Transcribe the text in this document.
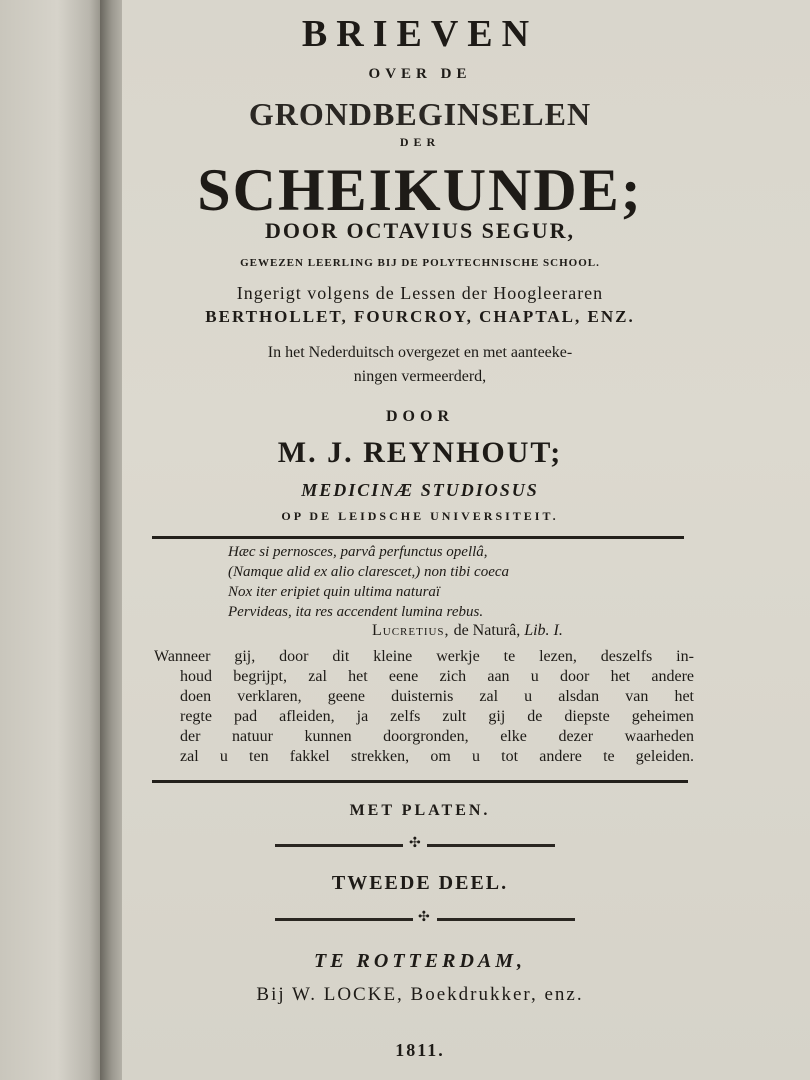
BRIEVEN
OVER DE
GRONDBEGINSELEN
DER
SCHEIKUNDE;
DOOR OCTAVIUS SEGUR,
GEWEZEN LEERLING BIJ DE POLYTECHNISCHE SCHOOL.
Ingerigt volgens de Lessen der Hoogleeraren
BERTHOLLET, FOURCROY, CHAPTAL, ENZ.
In het Nederduitsch overgezet en met aanteeke-
ningen vermeerderd,
DOOR
M. J. REYNHOUT;
MEDICINÆ STUDIOSUS
OP DE LEIDSCHE UNIVERSITEIT.
Hæc si pernosces, parvâ perfunctus opellâ,
(Namque alid ex alio clarescet,) non tibi coeca
Nox iter eripiet quin ultima naturaï
Pervideas, ita res accendent lumina rebus.
Lucretius, de Naturâ, Lib. I.
Wanneer gij, door dit kleine werkje te lezen, deszelfs in-
houd begrijpt, zal het eene zich aan u door het andere
doen verklaren, geene duisternis zal u alsdan van het
regte pad afleiden, ja zelfs zult gij de diepste geheimen
der natuur kunnen doorgronden, elke dezer waarheden
zal u ten fakkel strekken, om u tot andere te geleiden.
MET PLATEN.
✣
TWEEDE DEEL.
✣
TE ROTTERDAM,
Bij W. LOCKE, Boekdrukker, enz.
1811.
